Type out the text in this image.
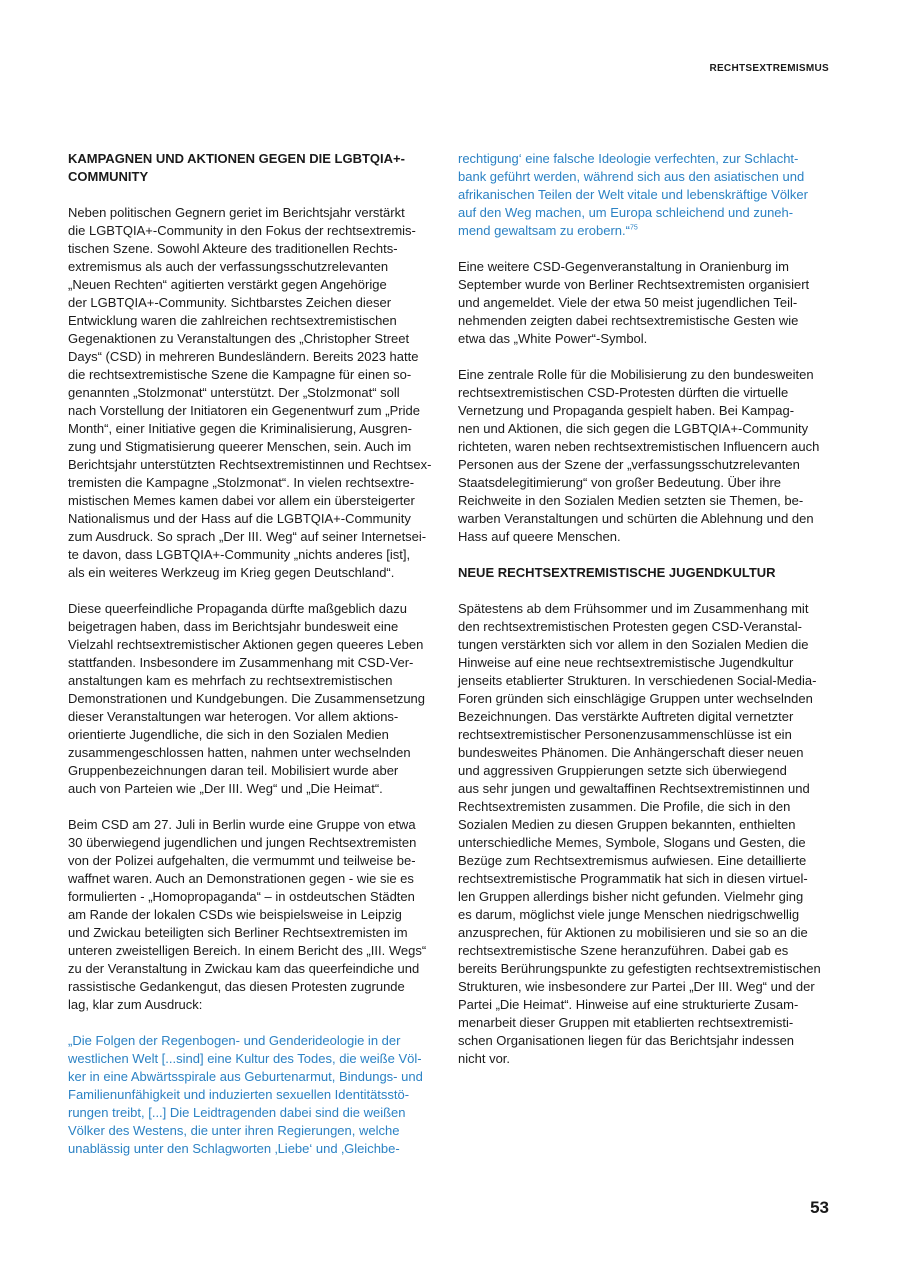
RECHTSEXTREMISMUS
KAMPAGNEN UND AKTIONEN GEGEN DIE LGBTQIA+-
COMMUNITY

Neben politischen Gegnern geriet im Berichtsjahr verstärkt
die LGBTQIA+-Community in den Fokus der rechtsextremis-
tischen Szene. Sowohl Akteure des traditionellen Rechts-
extremismus als auch der verfassungsschutzrelevanten
„Neuen Rechten“ agitierten verstärkt gegen Angehörige
der LGBTQIA+-Community. Sichtbarstes Zeichen dieser
Entwicklung waren die zahlreichen rechtsextremistischen
Gegenaktionen zu Veranstaltungen des „Christopher Street
Days“ (CSD) in mehreren Bundesländern. Bereits 2023 hatte
die rechtsextremistische Szene die Kampagne für einen so-
genannten „Stolzmonat“ unterstützt. Der „Stolzmonat“ soll
nach Vorstellung der Initiatoren ein Gegenentwurf zum „Pride
Month“, einer Initiative gegen die Kriminalisierung, Ausgren-
zung und Stigmatisierung queerer Menschen, sein. Auch im
Berichtsjahr unterstützten Rechtsextremistinnen und Rechtsex-
tremisten die Kampagne „Stolzmonat“. In vielen rechtsextre-
mistischen Memes kamen dabei vor allem ein übersteigerter
Nationalismus und der Hass auf die LGBTQIA+-Community
zum Ausdruck. So sprach „Der III. Weg“ auf seiner Internetsei-
te davon, dass LGBTQIA+-Community „nichts anderes [ist],
als ein weiteres Werkzeug im Krieg gegen Deutschland“.

Diese queerfeindliche Propaganda dürfte maßgeblich dazu
beigetragen haben, dass im Berichtsjahr bundesweit eine
Vielzahl rechtsextremistischer Aktionen gegen queeres Leben
stattfanden. Insbesondere im Zusammenhang mit CSD-Ver-
anstaltungen kam es mehrfach zu rechtsextremistischen
Demonstrationen und Kundgebungen. Die Zusammensetzung
dieser Veranstaltungen war heterogen. Vor allem aktions-
orientierte Jugendliche, die sich in den Sozialen Medien
zusammengeschlossen hatten, nahmen unter wechselnden
Gruppenbezeichnungen daran teil. Mobilisiert wurde aber
auch von Parteien wie „Der III. Weg“ und „Die Heimat“.

Beim CSD am 27. Juli in Berlin wurde eine Gruppe von etwa
30 überwiegend jugendlichen und jungen Rechtsextremisten
von der Polizei aufgehalten, die vermummt und teilweise be-
waffnet waren. Auch an Demonstrationen gegen - wie sie es
formulierten - „Homopropaganda“ – in ostdeutschen Städten
am Rande der lokalen CSDs wie beispielsweise in Leipzig
und Zwickau beteiligten sich Berliner Rechtsextremisten im
unteren zweistelligen Bereich. In einem Bericht des „III. Wegs“
zu der Veranstaltung in Zwickau kam das queerfeindiche und
rassistische Gedankengut, das diesen Protesten zugrunde
lag, klar zum Ausdruck:

„Die Folgen der Regenbogen- und Genderideologie in der
westlichen Welt [...sind] eine Kultur des Todes, die weiße Völ-
ker in eine Abwärtsspirale aus Geburtenarmut, Bindungs- und
Familienunfähigkeit und induzierten sexuellen Identitätsstö-
rungen treibt, [...] Die Leidtragenden dabei sind die weißen
Völker des Westens, die unter ihren Regierungen, welche
unablässig unter den Schlagworten ‚Liebe‘ und ‚Gleichbe-

rechtigung‘ eine falsche Ideologie verfechten, zur Schlacht-
bank geführt werden, während sich aus den asiatischen und
afrikanischen Teilen der Welt vitale und lebenskräftige Völker
auf den Weg machen, um Europa schleichend und zuneh-
mend gewaltsam zu erobern.“$^{75}$

Eine weitere CSD-Gegenveranstaltung in Oranienburg im
September wurde von Berliner Rechtsextremisten organisiert
und angemeldet. Viele der etwa 50 meist jugendlichen Teil-
nehmenden zeigten dabei rechtsextremistische Gesten wie
etwa das „White Power“-Symbol.

Eine zentrale Rolle für die Mobilisierung zu den bundesweiten
rechtsextremistischen CSD-Protesten dürften die virtuelle
Vernetzung und Propaganda gespielt haben. Bei Kampag-
nen und Aktionen, die sich gegen die LGBTQIA+-Community
richteten, waren neben rechtsextremistischen Influencern auch
Personen aus der Szene der „verfassungsschutzrelevanten
Staatsdelegitimierung“ von großer Bedeutung. Über ihre
Reichweite in den Sozialen Medien setzten sie Themen, be-
warben Veranstaltungen und schürten die Ablehnung und den
Hass auf queere Menschen.

NEUE RECHTSEXTREMISTISCHE JUGENDKULTUR

Spätestens ab dem Frühsommer und im Zusammenhang mit
den rechtsextremistischen Protesten gegen CSD-Veranstal-
tungen verstärkten sich vor allem in den Sozialen Medien die
Hinweise auf eine neue rechtsextremistische Jugendkultur
jenseits etablierter Strukturen. In verschiedenen Social-Media-
Foren gründen sich einschlägige Gruppen unter wechselnden
Bezeichnungen. Das verstärkte Auftreten digital vernetzter
rechtsextremistischer Personenzusammenschlüsse ist ein
bundesweites Phänomen. Die Anhängerschaft dieser neuen
und aggressiven Gruppierungen setzte sich überwiegend
aus sehr jungen und gewaltaffinen Rechtsextremistinnen und
Rechtsextremisten zusammen. Die Profile, die sich in den
Sozialen Medien zu diesen Gruppen bekannten, enthielten
unterschiedliche Memes, Symbole, Slogans und Gesten, die
Bezüge zum Rechtsextremismus aufwiesen. Eine detaillierte
rechtsextremistische Programmatik hat sich in diesen virtuel-
len Gruppen allerdings bisher nicht gefunden. Vielmehr ging
es darum, möglichst viele junge Menschen niedrigschwellig
anzusprechen, für Aktionen zu mobilisieren und sie so an die
rechtsextremistische Szene heranzuführen. Dabei gab es
bereits Berührungspunkte zu gefestigten rechtsextremistischen
Strukturen, wie insbesondere zur Partei „Der III. Weg“ und der
Partei „Die Heimat“. Hinweise auf eine strukturierte Zusam-
menarbeit dieser Gruppen mit etablierten rechtsextremisti-
schen Organisationen liegen für das Berichtsjahr indessen
nicht vor.

53
